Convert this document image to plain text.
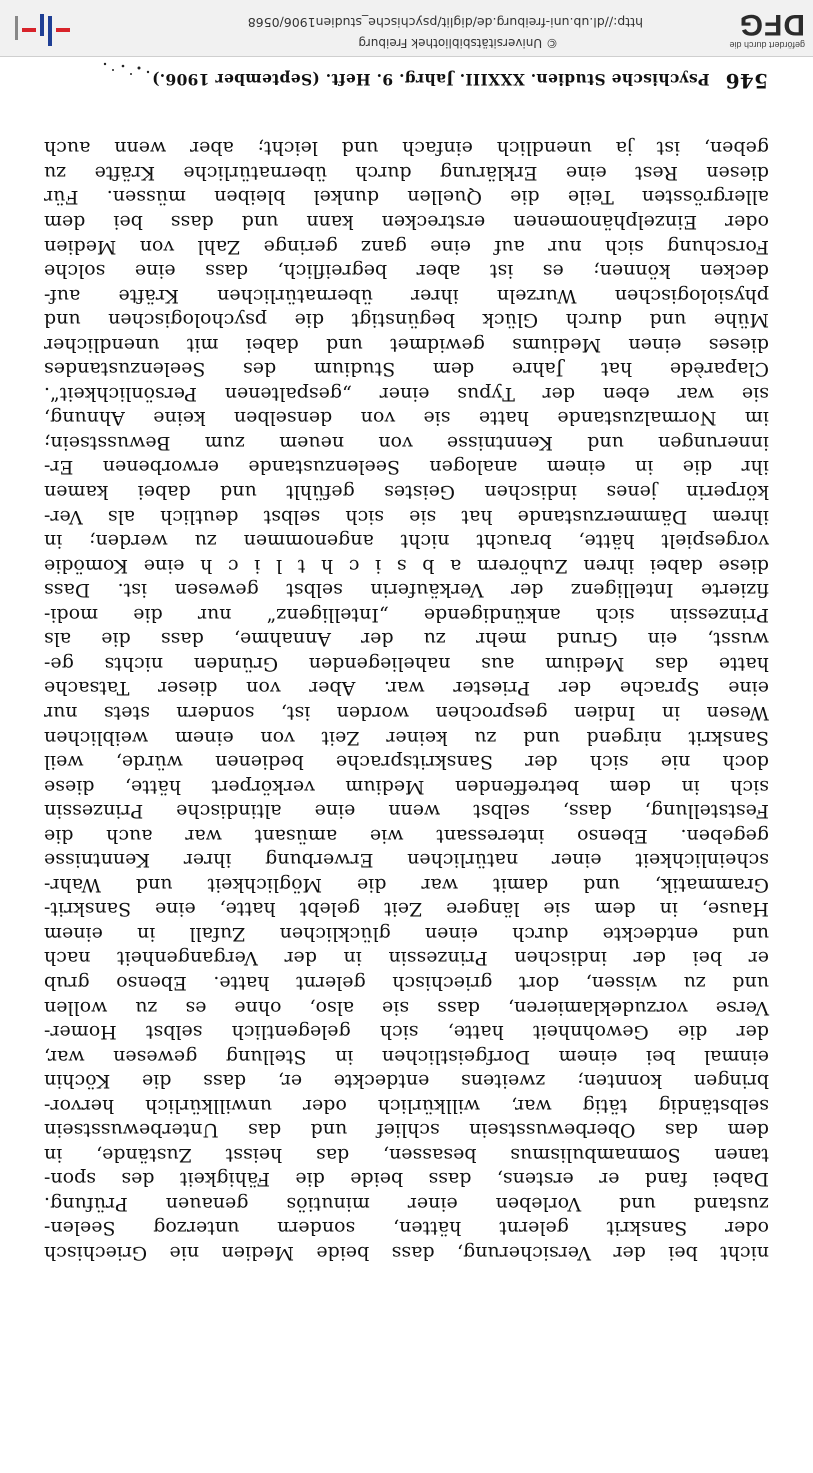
546 Psychische Studien. XXXIII. Jahrg. 9. Heft. (September 1906.)
nicht bei der Versicherung, dass beide Medien nie Griechisch
oder Sanskrit gelernt hätten, sondern unterzog Seelen-
zustand und Vorleben einer minutiös genauen Prüfung.
Dabei fand er erstens, dass beide die Fähigkeit des spon-
tanen Somnambulismus besassen, das heisst Zustände, in
dem das Oberbewusstsein schlief und das Unterbewusstsein
selbständig tätig war, willkürlich oder unwillkürlich hervor-
bringen konnten; zweitens entdeckte er, dass die Köchin
einmal bei einem Dorfgeistlichen in Stellung gewesen war,
der die Gewohnheit hatte, sich gelegentlich selbst Homer-
Verse vorzudeklamieren, dass sie also, ohne es zu wollen
und zu wissen, dort griechisch gelernt hatte. Ebenso grub
er bei der indischen Prinzessin in der Vergangenheit nach
und entdeckte durch einen glücklichen Zufall in einem
Hause, in dem sie längere Zeit gelebt hatte, eine Sanskrit-
Grammatik, und damit war die Möglichkeit und Wahr-
scheinlichkeit einer natürlichen Erwerbung ihrer Kenntnisse
gegeben. Ebenso interessant wie amüsant war auch die
Feststellung, dass, selbst wenn eine altindische Prinzessin
sich in dem betreffenden Medium verkörpert hätte, diese
doch nie sich der Sanskritsprache bedienen würde, weil
Sanskrit nirgend und zu keiner Zeit von einem weiblichen
Wesen in Indien gesprochen worden ist, sondern stets nur
eine Sprache der Priester war. Aber von dieser Tatsache
hatte das Medium aus naheliegenden Gründen nichts ge-
wusst, ein Grund mehr zu der Annahme, dass die als
Prinzessin sich ankündigende „Intelligenz“ nur die modi-
fizierte Intelligenz der Verkäuferin selbst gewesen ist. Dass
diese dabei ihren Zuhörern a b s i c h t l i c h eine Komödie
vorgespielt hätte, braucht nicht angenommen zu werden; in
ihrem Dämmerzustande hat sie sich selbst deutlich als Ver-
körperin jenes indischen Geistes gefühlt und dabei kamen
ihr die in einem analogen Seelenzustande erworbenen Er-
innerungen und Kenntnisse von neuem zum Bewusstsein;
im Normalzustande hatte sie von denselben keine Ahnung,
sie war eben der Typus einer „gespaltenen Persönlichkeit“.
Claparède hat Jahre dem Studium des Seelenzustandes
dieses einen Mediums gewidmet und dabei mit unendlicher
Mühe und durch Glück begünstigt die psychologischen und
physiologischen Wurzeln ihrer übernatürlichen Kräfte auf-
decken können; es ist aber begreiflich, dass eine solche
Forschung sich nur auf eine ganz geringe Zahl von Medien
oder Einzelphänomenen erstrecken kann und dass bei dem
allergrössten Teile die Quellen dunkel bleiben müssen. Für
diesen Rest eine Erklärung durch übernatürliche Kräfte zu
geben, ist ja unendlich einfach und leicht; aber wenn auch
http://dl.ub.uni-freiburg.de/diglit/psychische_studien1906/0568
© Universitätsbibliothek Freiburg	gefördert durch die
DFG
